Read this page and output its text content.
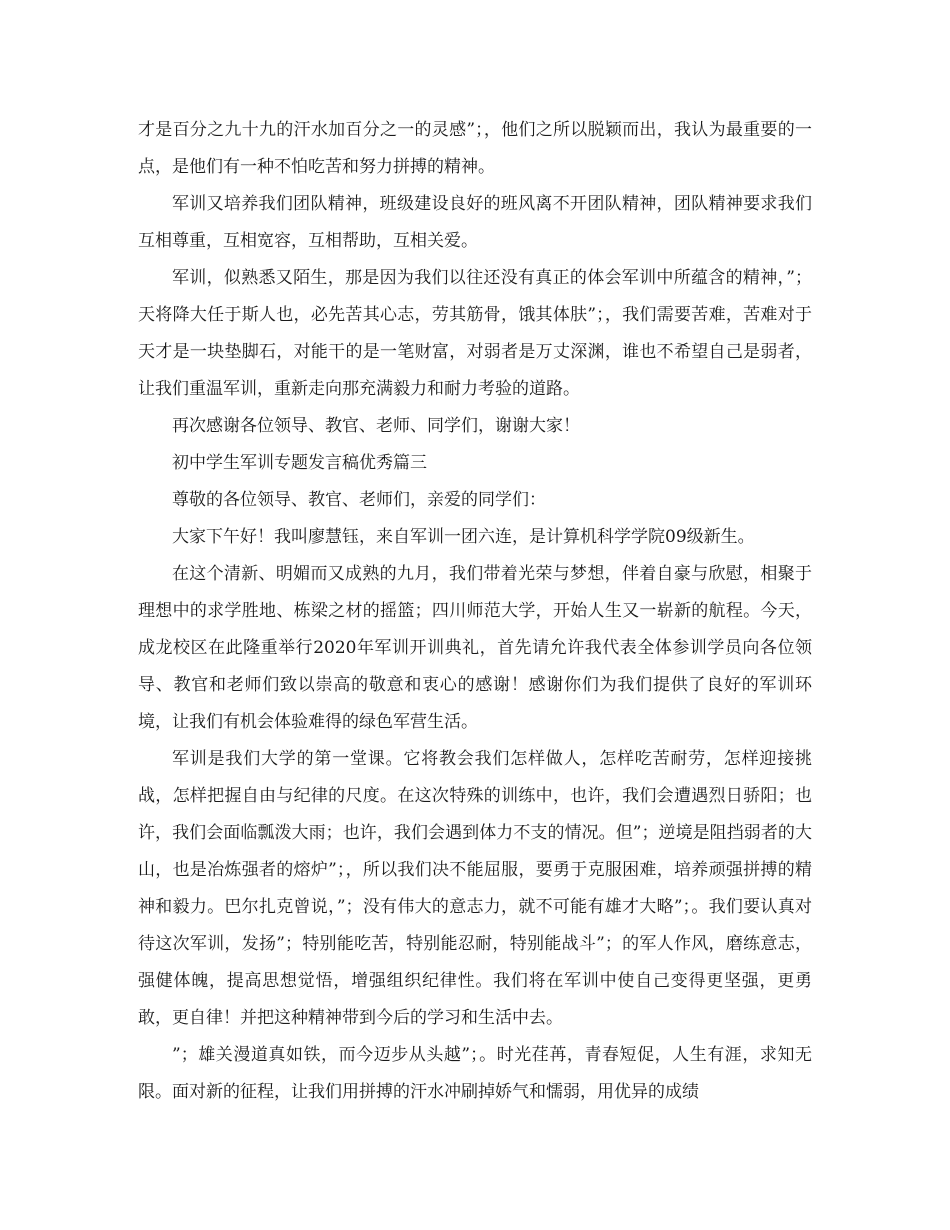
才是百分之九十九的汗水加百分之一的灵感”；，他们之所以脱颖而出，我认为最重要的一点，是他们有一种不怕吃苦和努力拼搏的精神。

军训又培养我们团队精神，班级建设良好的班风离不开团队精神，团队精神要求我们互相尊重，互相宽容，互相帮助，互相关爱。

军训，似熟悉又陌生，那是因为我们以往还没有真正的体会军训中所蕴含的精神，”；天将降大任于斯人也，必先苦其心志，劳其筋骨，饿其体肤”；，我们需要苦难，苦难对于天才是一块垫脚石，对能干的是一笔财富，对弱者是万丈深渊，谁也不希望自己是弱者，让我们重温军训，重新走向那充满毅力和耐力考验的道路。

再次感谢各位领导、教官、老师、同学们，谢谢大家！

初中学生军训专题发言稿优秀篇三

尊敬的各位领导、教官、老师们，亲爱的同学们：

大家下午好！我叫廖慧钰，来自军训一团六连，是计算机科学学院09级新生。

在这个清新、明媚而又成熟的九月，我们带着光荣与梦想，伴着自豪与欣慰，相聚于理想中的求学胜地、栋梁之材的摇篮；四川师范大学，开始人生又一崭新的航程。今天，成龙校区在此隆重举行2020年军训开训典礼，首先请允许我代表全体参训学员向各位领导、教官和老师们致以崇高的敬意和衷心的感谢！感谢你们为我们提供了良好的军训环境，让我们有机会体验难得的绿色军营生活。

军训是我们大学的第一堂课。它将教会我们怎样做人，怎样吃苦耐劳，怎样迎接挑战，怎样把握自由与纪律的尺度。在这次特殊的训练中，也许，我们会遭遇烈日骄阳；也许，我们会面临瓢泼大雨；也许，我们会遇到体力不支的情况。但”；逆境是阻挡弱者的大山，也是冶炼强者的熔炉”；，所以我们决不能屈服，要勇于克服困难，培养顽强拼搏的精神和毅力。巴尔扎克曾说，”；没有伟大的意志力，就不可能有雄才大略”；。我们要认真对待这次军训，发扬”；特别能吃苦，特别能忍耐，特别能战斗”；的军人作风，磨练意志，强健体魄，提高思想觉悟，增强组织纪律性。我们将在军训中使自己变得更坚强，更勇敢，更自律！并把这种精神带到今后的学习和生活中去。

”；雄关漫道真如铁，而今迈步从头越”；。时光荏苒，青春短促，人生有涯，求知无限。面对新的征程，让我们用拼搏的汗水冲刷掉娇气和懦弱，用优异的成绩
